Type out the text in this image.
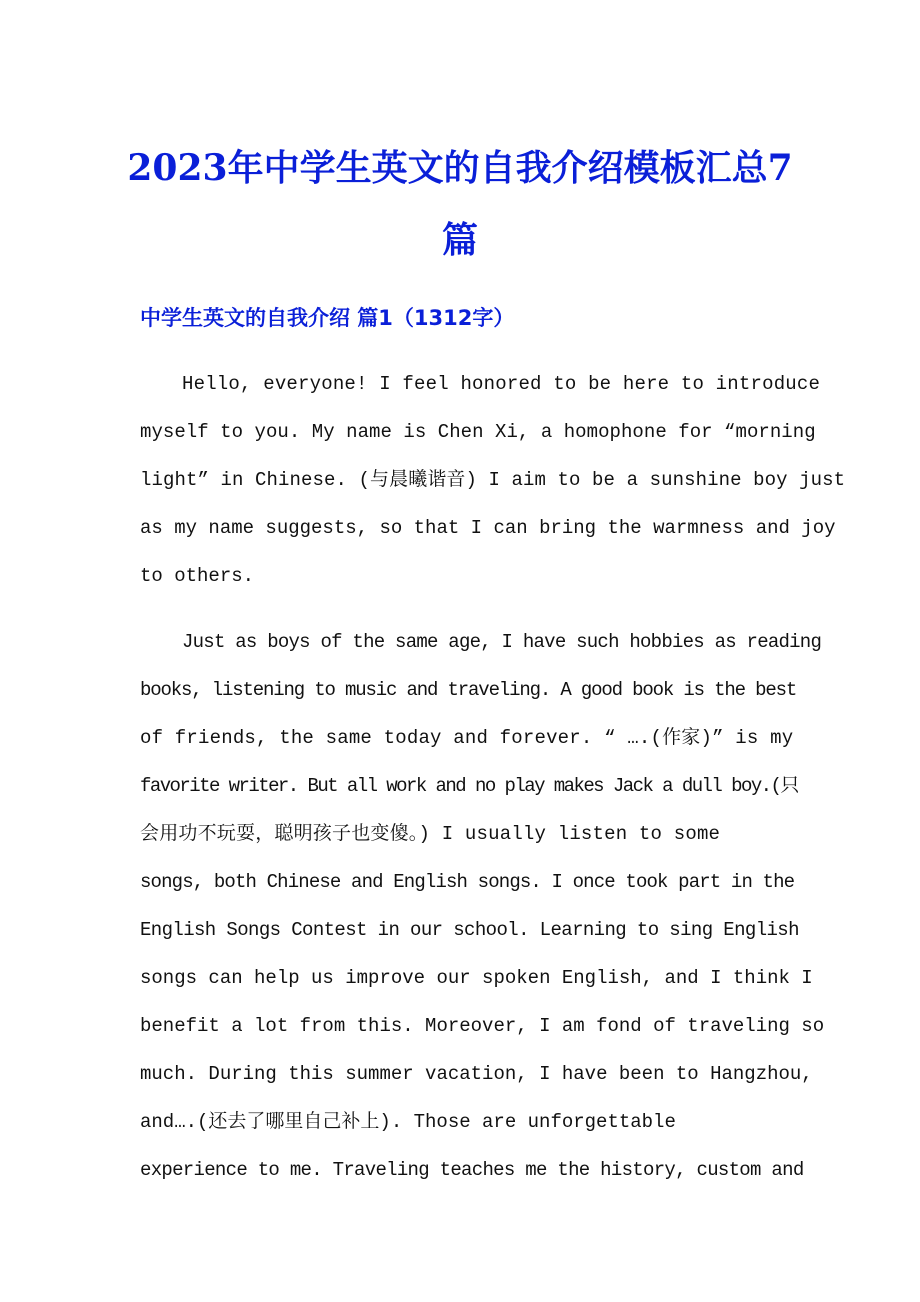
2023年中学生英文的自我介绍模板汇总7
篇
中学生英文的自我介绍 篇1（1312字）

Hello, everyone! I feel honored to be here to introduce

myself to you. My name is Chen Xi, a homophone for “morning

light” in Chinese. (与晨曦谐音) I aim to be a sunshine boy just

as my name suggests, so that I can bring the warmness and joy

to others.

Just as boys of the same age, I have such hobbies as reading

books, listening to music and traveling. A good book is the best

of friends, the same today and forever. “ ….(作家)” is my

favorite writer. But all work and no play makes Jack a dull boy.(只

会用功不玩耍，聪明孩子也变傻。) I usually listen to some

songs, both Chinese and English songs. I once took part in the

English Songs Contest in our school. Learning to sing English

songs can help us improve our spoken English, and I think I

benefit a lot from this. Moreover, I am fond of traveling so

much. During this summer vacation, I have been to Hangzhou,

and….(还去了哪里自己补上). Those are unforgettable

experience to me. Traveling teaches me the history, custom and
